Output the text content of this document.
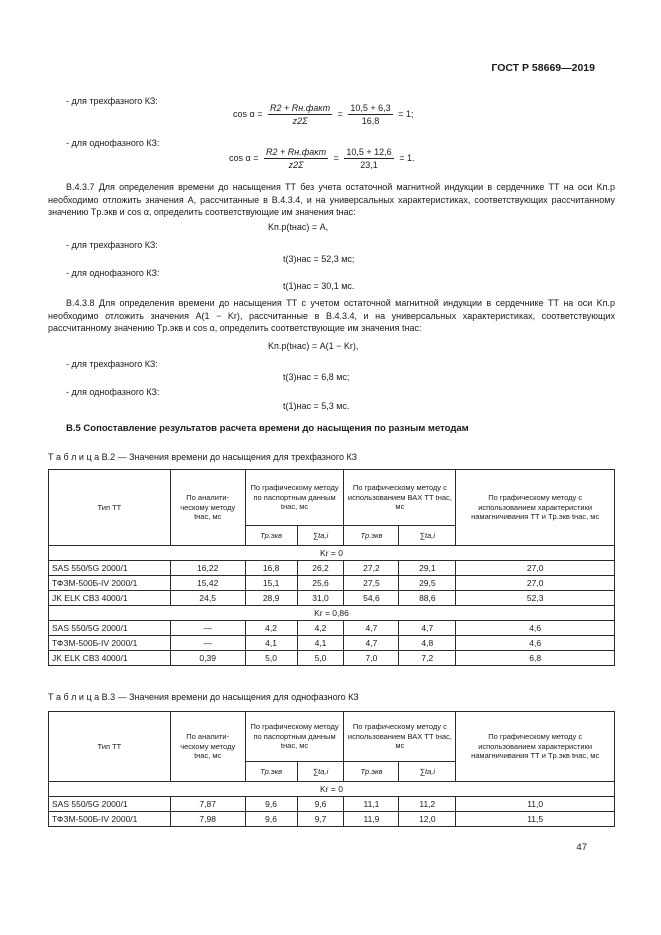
ГОСТ Р 58669—2019
- для трехфазного КЗ:
$\cos \alpha = \frac{\text{R2 + Rн.факт}}{z2\Sigma} = \frac{10,5 + 6,3}{16,8} = 1$;
- для однофазного КЗ:
$\cos \alpha = \frac{\text{R2 + Rн.факт}}{z2\Sigma} = \frac{10,5 + 12,6}{23,1} = 1$.
В.4.3.7 Для определения времени до насыщения ТТ без учета остаточной магнитной индукции в сердечнике ТТ на оси Kп.р необходимо отложить значения А, рассчитанные в В.4.3.4, и на универсальных характеристиках, соответствующих рассчитанному значению Tр.экв и cos α, определить соответствующие им значения tнас:
Kп.р(tнас) = A,
- для трехфазного КЗ:
t(3)нас = 52,3 мс;
- для однофазного КЗ:
t(1)нас = 30,1 мс.
В.4.3.8 Для определения времени до насыщения ТТ с учетом остаточной магнитной индукции в сердечнике ТТ на оси Kп.р необходимо отложить значения A(1 − Kr), рассчитанные в В.4.3.4, и на универсальных характеристиках, соответствующих рассчитанному значению Tр.экв и cos α, определить соответствующие им значения tнас:
Kп.р(tнас) = A(1 − Kr),
- для трехфазного КЗ:
t(3)нас = 6,8 мс;
- для однофазного КЗ:
t(1)нас = 5,3 мс.
В.5 Сопоставление результатов расчета времени до насыщения по разным методам
Т а б л и ц а В.2 — Значения времени до насыщения для трехфазного КЗ
Тип ТТ	По аналити-ческому методу tнас, мс	По графическому методу по паспортным данным tнас, мс		По графическому методу с использованием ВАХ ТТ tнас, мс		По графическому методу с использованием характеристики намагничивания ТТ и Tр.экв tнас, мс
		Tр.экв	∑ta,i	Tр.экв	∑ta,i	
Kr = 0						
SAS 550/5G 2000/1	16,22	16,8	26,2	27,2	29,1	27,0
ТФЗМ-500Б-IV 2000/1	15,42	15,1	25,6	27,5	29,5	27,0
JK ELK CB3 4000/1	24,5	28,9	31,0	54,6	88,6	52,3
Kr = 0,86						
SAS 550/5G 2000/1	—	4,2	4,2	4,7	4,7	4,6
ТФЗМ-500Б-IV 2000/1	—	4,1	4,1	4,7	4,8	4,6
JK ELK CB3 4000/1	0,39	5,0	5,0	7,0	7,2	6,8
Т а б л и ц а В.3 — Значения времени до насыщения для однофазного КЗ
Тип ТТ	По аналити-ческому методу tнас, мс	По графическому методу по паспортным данным tнас, мс		По графическому методу с использованием ВАХ ТТ tнас, мс		По графическому методу с использованием характеристики намагничивания ТТ и Tр.экв tнас, мс
		Tр.экв	∑ta,i	Tр.экв	∑ta,i	
Kr = 0						
SAS 550/5G 2000/1	7,87	9,6	9,6	11,1	11,2	11,0
ТФЗМ-500Б-IV 2000/1	7,98	9,6	9,7	11,9	12,0	11,5
47
